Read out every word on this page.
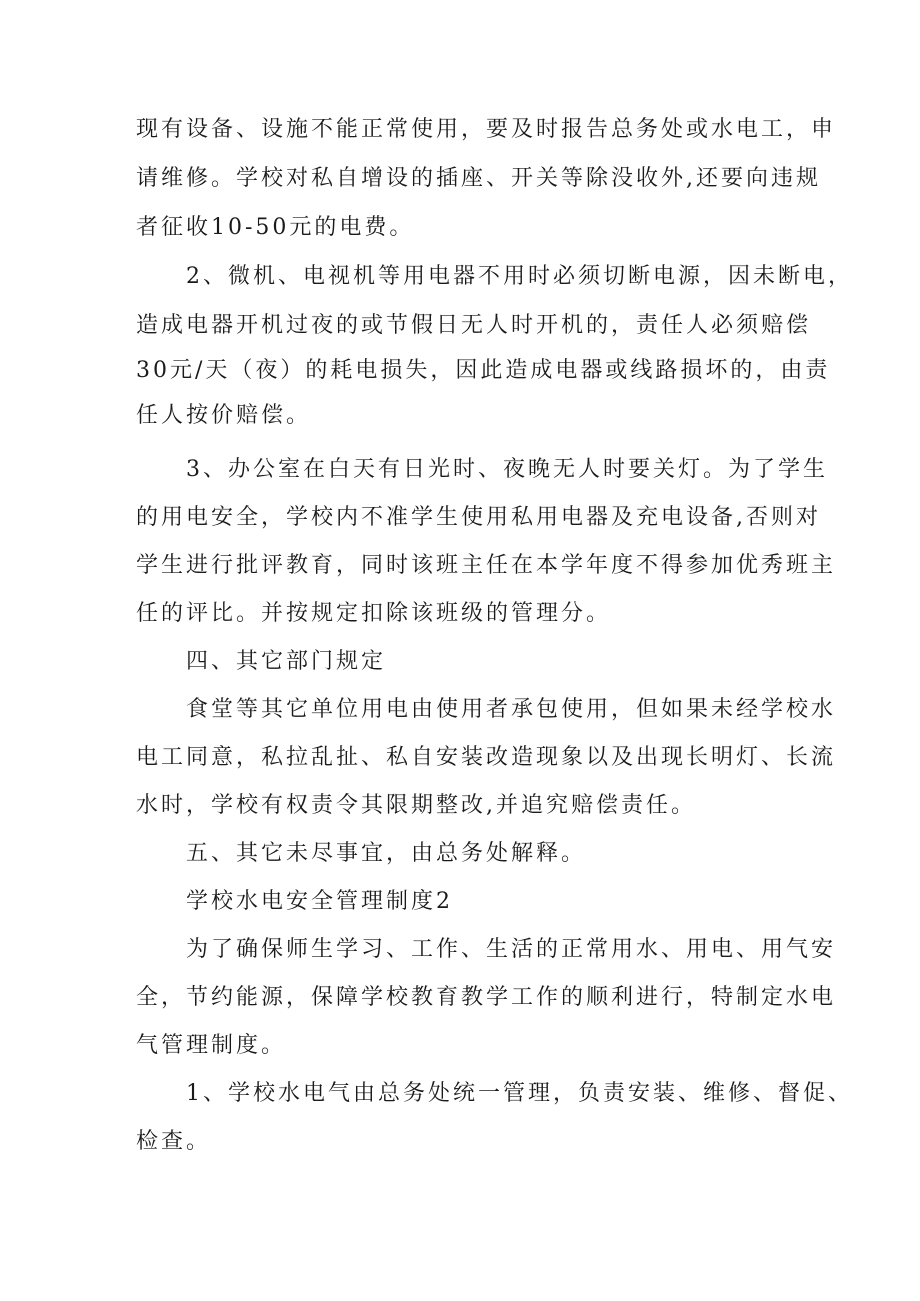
现有设备、设施不能正常使用，要及时报告总务处或水电工，申
请维修。学校对私自增设的插座、开关等除没收外,还要向违规
者征收10-50元的电费。
2、微机、电视机等用电器不用时必须切断电源，因未断电，
造成电器开机过夜的或节假日无人时开机的，责任人必须赔偿
30元/天（夜）的耗电损失，因此造成电器或线路损坏的，由责
任人按价赔偿。
3、办公室在白天有日光时、夜晚无人时要关灯。为了学生
的用电安全，学校内不准学生使用私用电器及充电设备,否则对
学生进行批评教育，同时该班主任在本学年度不得参加优秀班主
任的评比。并按规定扣除该班级的管理分。
四、其它部门规定
食堂等其它单位用电由使用者承包使用，但如果未经学校水
电工同意，私拉乱扯、私自安装改造现象以及出现长明灯、长流
水时，学校有权责令其限期整改,并追究赔偿责任。
五、其它未尽事宜，由总务处解释。
学校水电安全管理制度2
为了确保师生学习、工作、生活的正常用水、用电、用气安
全，节约能源，保障学校教育教学工作的顺利进行，特制定水电
气管理制度。
1、学校水电气由总务处统一管理，负责安装、维修、督促、
检查。
